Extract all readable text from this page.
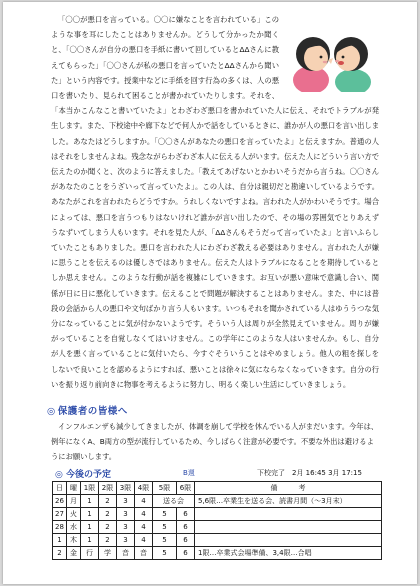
「〇〇が悪口を言っている。〇〇に嫌なことを言われている」このような事を耳にしたことはありませんか。どうして分かったか聞くと、「〇〇さんが自分の悪口を手紙に書いて回しているとΔΔさんに教えてもらった」「〇〇さんが私の悪口を言っていたとΔΔさんから聞いた」という内容です。授業中などに手紙を回す行為の多くは、人の悪口を書いたり、見られて困ることが書かれていたりします。それを、「本当かこんなこと書いていたよ」とわざわざ悪口を書かれていた人に伝え、それでトラブルが発生します。また、下校途中や廊下などで何人かで話をしているときに、誰かが人の悪口を言い出しました。あなたはどうしますか。「〇〇さんがあなたの悪口を言っていたよ」と伝えますか。普通の人はそれをしませんよね。残念ながらわざわざ本人に伝える人がいます。伝えた人にどういう言い方で伝えたのか聞くと、次のように答えました。「教えてあげないとかわいそうだから言うね。〇〇さんがあなたのことをうざいって言っていたよ」。この人は、自分は親切だと勘違いしているようです。あなたがこれを言われたらどうですか。うれしくないですよね。言われた人がかわいそうです。場合によっては、悪口を言うつもりはないけれど誰かが言い出したので、その場の雰囲気でとりあえずうなずいてしまう人もいます。それを見た人が、「ΔΔさんもそうだって言っていたよ」と言いふらしていたこともありました。悪口を言われた人にわざわざ教える必要はありません。言われた人が嫌に思うことを伝えるのは優しさではありません。伝えた人はトラブルになることを期待しているとしか思えません。このような行動が話を複雑にしていきます。お互いが悪い意味で意識し合い、関係が日に日に悪化していきます。伝えることで問題が解決することはありません。また、中には普段の会話から人の悪口や文句ばかり言う人もいます。いつもそれを聞かされている人はゆううつな気分になっていることに気が付かないようです。そういう人は周りが全然見えていません。周りが嫌がっていることを自覚しなくてはいけません。この学年にこのような人はいませんか。もし、自分が人を悪く言っていることに気付いたら、今すぐそういうことはやめましょう。他人の粗を探しをしないで良いことを認めるようにすれば、悪いことは徐々に気にならなくなっていきます。自分の行いを振り返り前向きに物事を考えるように努力し、明るく楽しい生活にしていきましょう。

◎ 保護者の皆様へ

インフルエンザも減少してきましたが、体調を崩して学校を休んでいる人がまだいます。今年は、例年になくA、B両方の型が流行しているため、今しばらく注意が必要です。不要な外出は避けるようにお願いします。

◎ 今後の予定	B週	下校完了　2月 16:45 3月 17:15
日	曜	1限	2限	3限	4限	5限	6限	備　　　考
26	月	1	2	3	4	送る会		5,6限…卒業生を送る会、読書月間（〜3月末）
27	火	1	2	3	4	5	6	
28	水	1	2	3	4	5	6	
1	木	1	2	3	4	5	6	
2	金	行	学	音	音	5	6	1限…卒業式会場準備、3,4限…合唱
